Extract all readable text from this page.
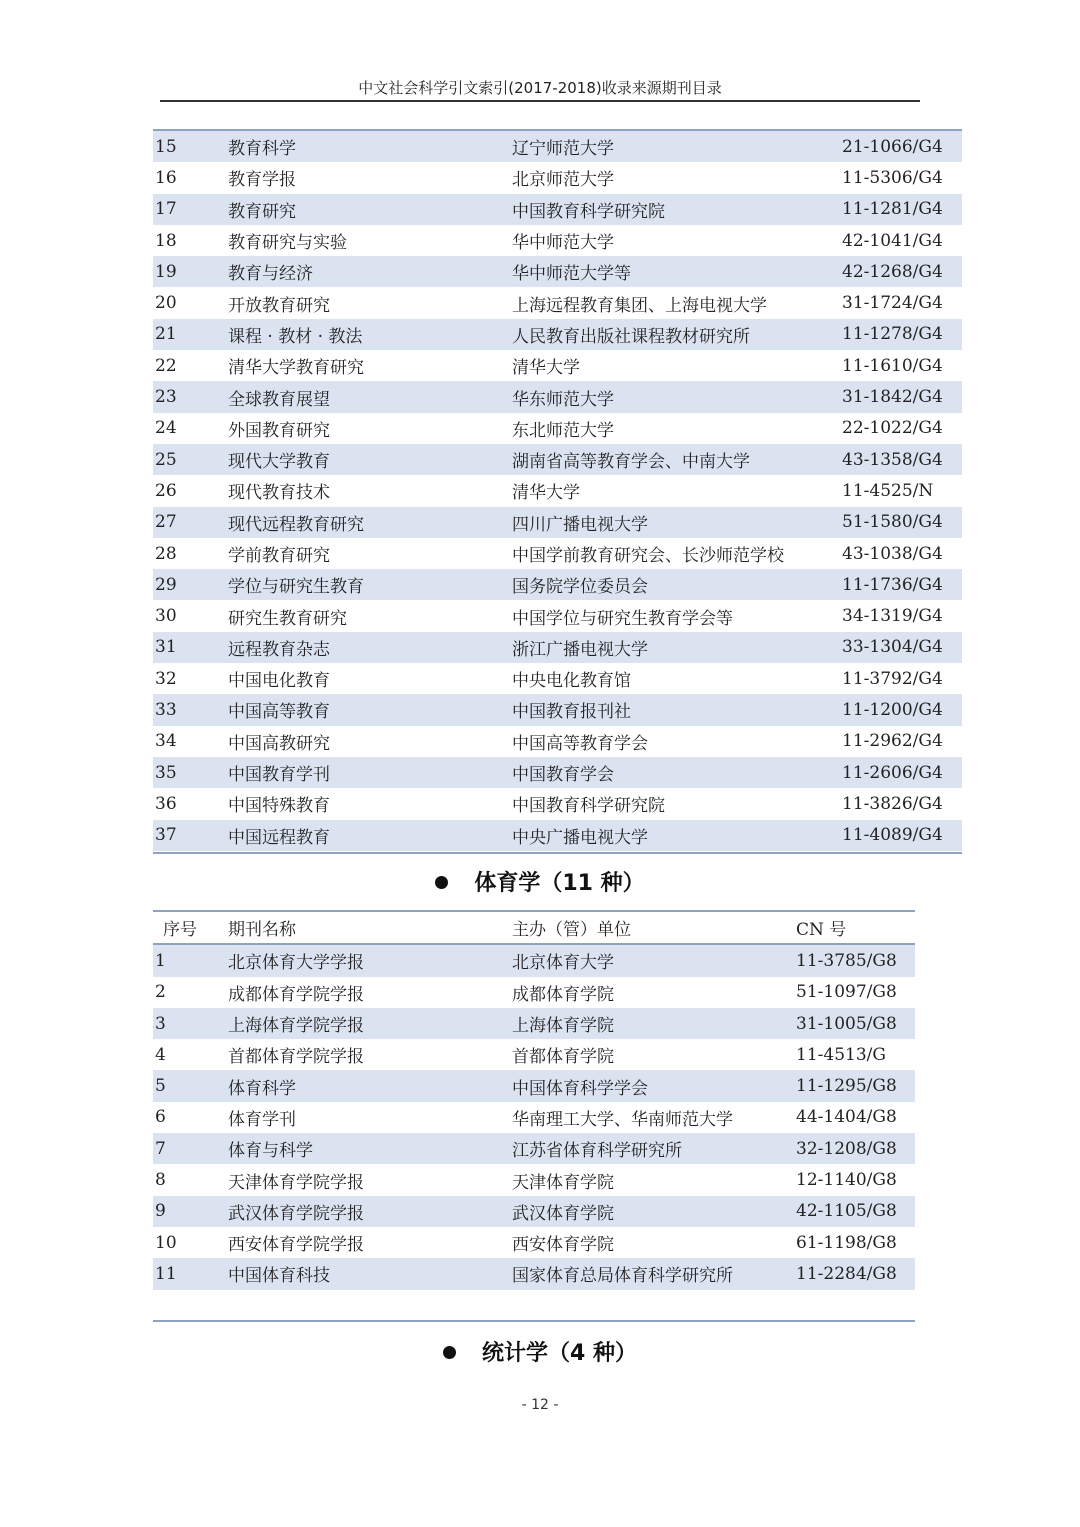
中文社会科学引文索引(2017-2018)收录来源期刊目录
15	教育科学	辽宁师范大学	21-1066/G4
16	教育学报	北京师范大学	11-5306/G4
17	教育研究	中国教育科学研究院	11-1281/G4
18	教育研究与实验	华中师范大学	42-1041/G4
19	教育与经济	华中师范大学等	42-1268/G4
20	开放教育研究	上海远程教育集团、上海电视大学	31-1724/G4
21	课程 · 教材 · 教法	人民教育出版社课程教材研究所	11-1278/G4
22	清华大学教育研究	清华大学	11-1610/G4
23	全球教育展望	华东师范大学	31-1842/G4
24	外国教育研究	东北师范大学	22-1022/G4
25	现代大学教育	湖南省高等教育学会、中南大学	43-1358/G4
26	现代教育技术	清华大学	11-4525/N
27	现代远程教育研究	四川广播电视大学	51-1580/G4
28	学前教育研究	中国学前教育研究会、长沙师范学校	43-1038/G4
29	学位与研究生教育	国务院学位委员会	11-1736/G4
30	研究生教育研究	中国学位与研究生教育学会等	34-1319/G4
31	远程教育杂志	浙江广播电视大学	33-1304/G4
32	中国电化教育	中央电化教育馆	11-3792/G4
33	中国高等教育	中国教育报刊社	11-1200/G4
34	中国高教研究	中国高等教育学会	11-2962/G4
35	中国教育学刊	中国教育学会	11-2606/G4
36	中国特殊教育	中国教育科学研究院	11-3826/G4
37	中国远程教育	中央广播电视大学	11-4089/G4
体育学（11 种）
序号	期刊名称	主办（管）单位	CN 号
1	北京体育大学学报	北京体育大学	11-3785/G8
2	成都体育学院学报	成都体育学院	51-1097/G8
3	上海体育学院学报	上海体育学院	31-1005/G8
4	首都体育学院学报	首都体育学院	11-4513/G
5	体育科学	中国体育科学学会	11-1295/G8
6	体育学刊	华南理工大学、华南师范大学	44-1404/G8
7	体育与科学	江苏省体育科学研究所	32-1208/G8
8	天津体育学院学报	天津体育学院	12-1140/G8
9	武汉体育学院学报	武汉体育学院	42-1105/G8
10	西安体育学院学报	西安体育学院	61-1198/G8
11	中国体育科技	国家体育总局体育科学研究所	11-2284/G8
统计学（4 种）
- 12 -
